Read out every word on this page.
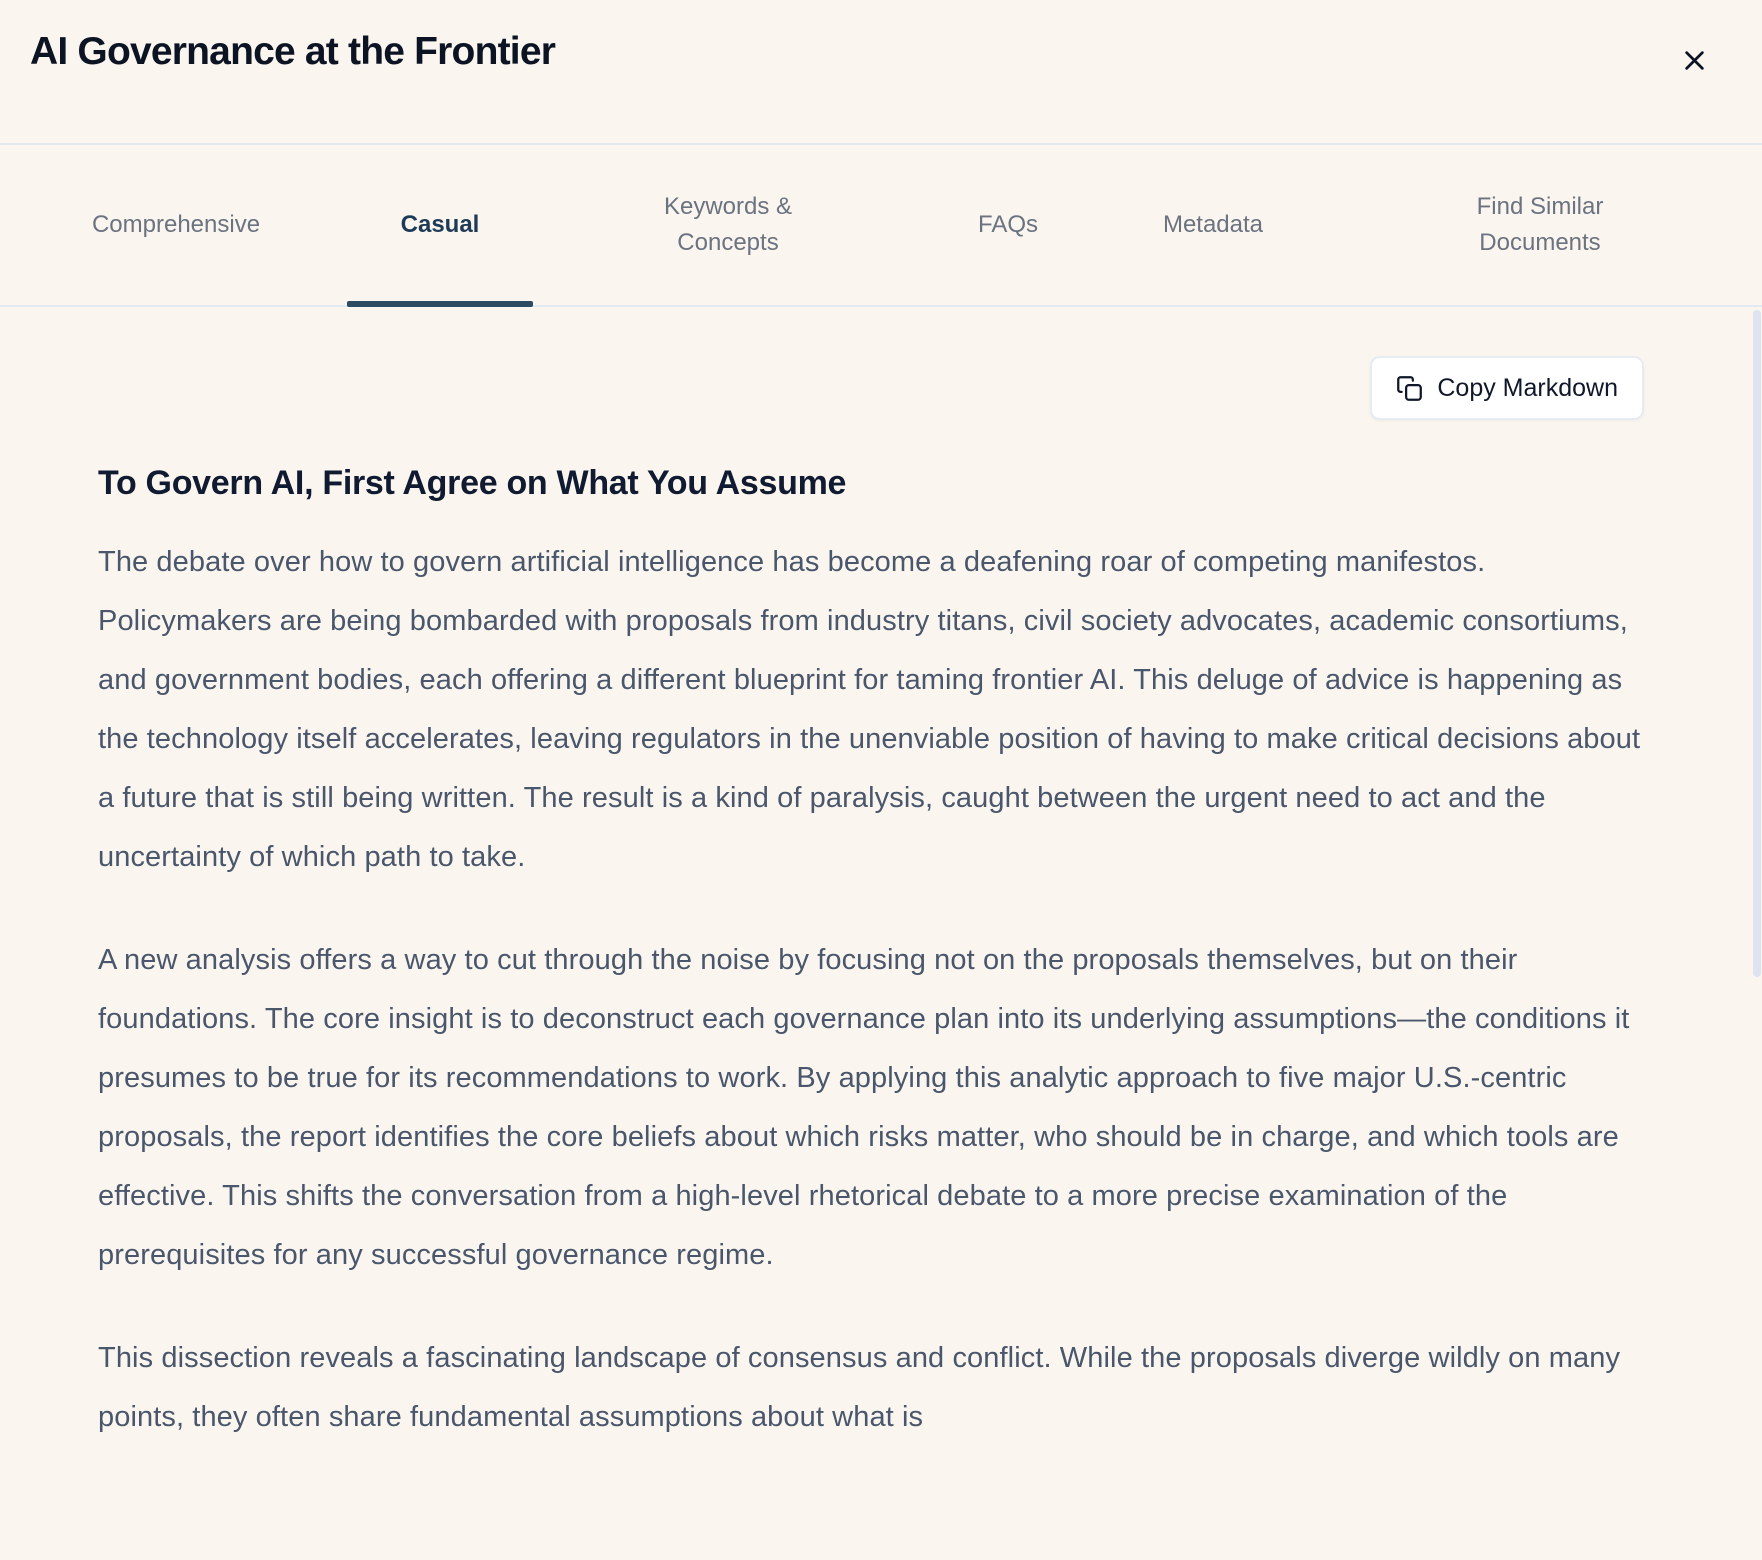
AI Governance at the Frontier
Comprehensive	Casual
Keywords & Concepts
FAQs	Metadata
Find Similar Documents
Copy Markdown
To Govern AI, First Agree on What You Assume

The debate over how to govern artificial intelligence has become a deafening roar of competing manifestos. Policymakers are being bombarded with proposals from industry titans, civil society advocates, academic consortiums, and government bodies, each offering a different blueprint for taming frontier AI. This deluge of advice is happening as the technology itself accelerates, leaving regulators in the unenviable position of having to make critical decisions about a future that is still being written. The result is a kind of paralysis, caught between the urgent need to act and the uncertainty of which path to take.

A new analysis offers a way to cut through the noise by focusing not on the proposals themselves, but on their foundations. The core insight is to deconstruct each governance plan into its underlying assumptions—the conditions it presumes to be true for its recommendations to work. By applying this analytic approach to five major U.S.-centric proposals, the report identifies the core beliefs about which risks matter, who should be in charge, and which tools are effective. This shifts the conversation from a high-level rhetorical debate to a more precise examination of the prerequisites for any successful governance regime.

This dissection reveals a fascinating landscape of consensus and conflict. While the proposals diverge wildly on many points, they often share fundamental assumptions about what is
